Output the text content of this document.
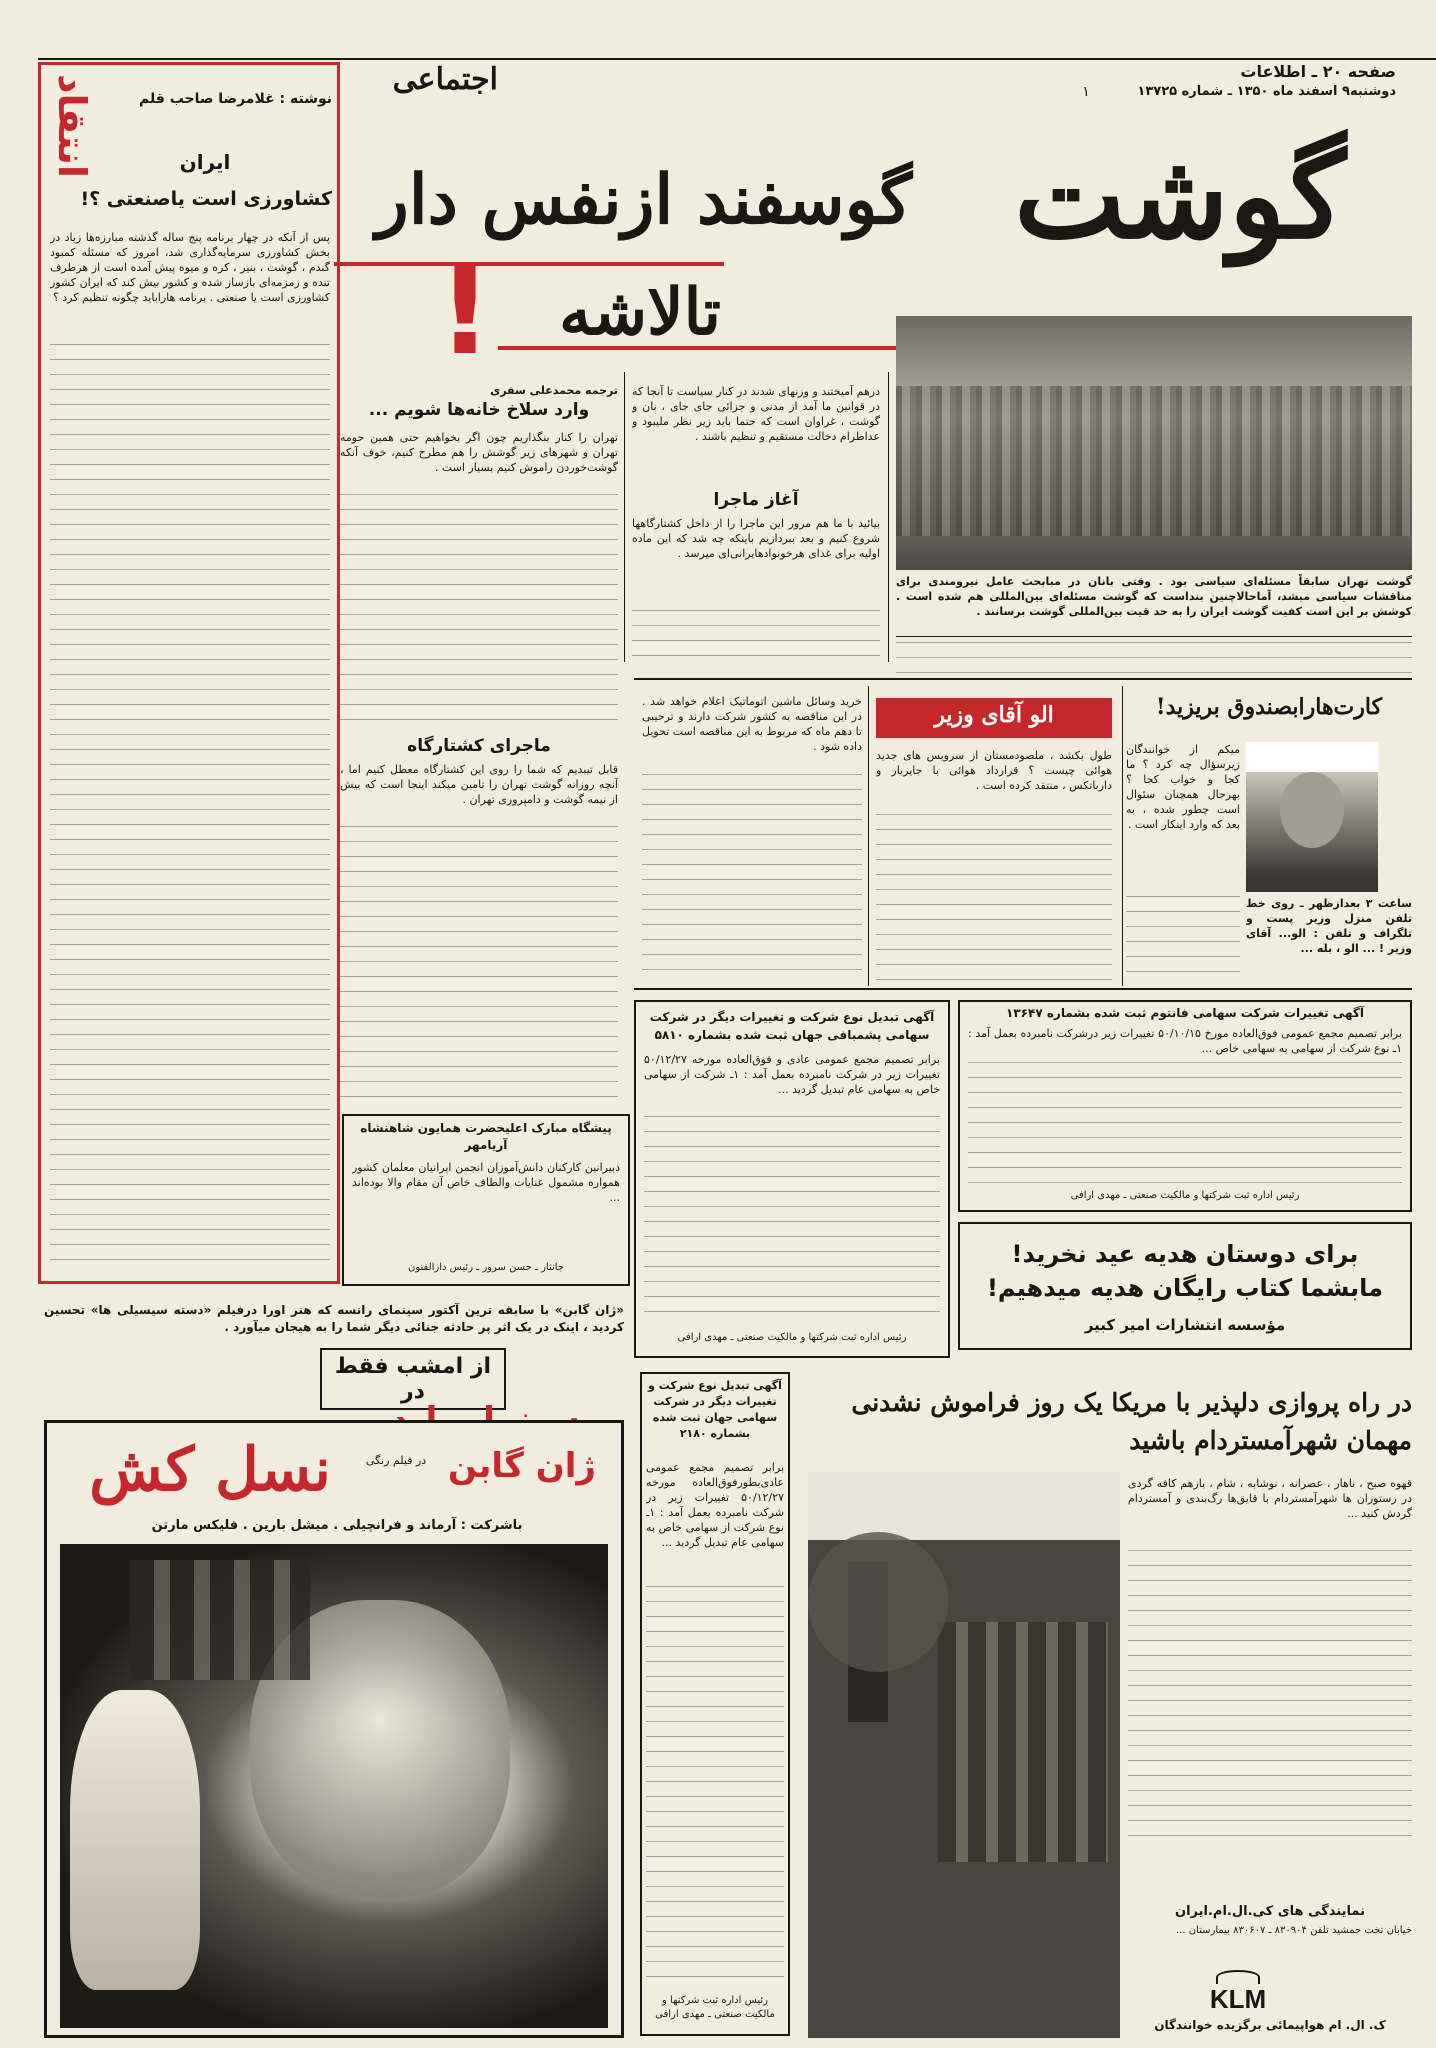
صفحه ۲۰ ـ اطلاعات
دوشنبه۹ اسفند ماه ۱۳۵۰ ـ شماره ۱۳۷۲۵
۱
اجتماعی
گوشت
گوسفند ازنفس دار
تالاشه
!
گوشت تهران سابقاً مسئله‌ای سیاسی بود . وقتی بانان در مبابحث عامل نیرومندی برای مناقشات سیاسی مبشد، آماحالاچنین بنداست که گوشت مسئله‌ای بین‌المللی هم شده است . کوشش بر این است کفیت گوشت ایران را به حد قیت بین‌المللی گوشت برسانند .
انتقاد	نوشته : غلامرضا صاحب قلم
ایران
کشاورزی است یاصنعتی ؟!
پس از آنکه در چهار برنامه پنج ساله گذشته مبارزه‌ها زیاد در بخش کشاورزی سرمایه‌گذاری شد، امروز که مسئله کمبود گندم ، گوشت ، بنیر ، کره و میوه پیش آمده است از هرطرف تنده و زمزمه‌ای بازساز شده و کشور بیش کند که ایران کشور کشاورزی است یا صنعتی . برنامه هاراباید چگونه تنظیم کرد ؟
درهم آمیختند و وزنهای شدند در کنار سیاست تا آنجا که در قوانین ما آمد از مدنی و جزائی جای جای ، نان و گوشت ، غراوان است که حتما باید زیر نظر ملیبود و عداطرام دخالت مستقیم و تنظیم‌ باشند .
آغاز ماجرا
بیائید با ما هم مرور این ماجرا را از داخل کشتارگاهها شروع کنیم و بعد ببردازیم باینکه چه شد که این ماده اولیه برای غذای هرخونوادهایرانی‌ای میرسد .
ترجمه محمدعلی سفری
وارد سلاخ خانه‌ها شویم ...
تهران را کنار بنگذاریم چون اگر بخواهیم حتی همین حومه تهران و شهرهای زیر گوشش را هم مطرح کنیم، خوف آنکه گوشت‌خوردن راموش کنیم بسیار است .
ماجرای کشتارگاه
قابل تیبدیم که شما را روی این کشتارگاه معطل کنیم اما ، آنچه روزانه گوشت تهران را تامین میکند اینجا است که بیش از نیمه گوشت و دامپروری تهران .
پیشگاه مبارک اعلیحضرت همایون شاهنشاه آریامهر
دبیرانین کارکنان دانش‌آموزان انجمن ایرانیان معلمان کشور همواره مشمول عنایات والطاف خاص آن مقام والا بوده‌اند ...
جانثار ـ حسن سرور ـ رئیس دارالفنون
کارت‌هارابصندوق بریزید!
میکم از خوانندگان زیرسؤال چه کرد ؟ ما کجا و خواب کجا ؟ بهرحال همچنان سئوال است چطور شده ، به بعد که وارد اینکار است .
ساعت ۳ بعدازظهر ـ روی خط تلفن منزل وزیر پست و تلگراف و تلفن : الو... آقای وزیر ! ... الو ، بله ...
الو آقای وزیر
طول بکشد ، ملصودمستان از سرویس های جدید هوائی چیست ؟ قرارداد هوائی با جایربار و دارباتکس ، منتقد کرده است .
خرید وسائل ماشین اتوماتیک اعلام خواهد شد . در این مناقصه به کشور شرکت دارند و ترحیبی تا دهم ماه که مربوط به این مناقصه است تحویل داده شود .
آگهی تبدیل نوع شرکت و تغییرات دیگر در شرکت سهامی پشمبافی جهان ثبت شده بشماره ۵۸۱۰
برابر تصمیم مجمع عمومی عادی و فوق‌العاده مورخه ۵۰/۱۲/۲۷ تغییرات زیر در شرکت نامبرده بعمل آمد : ۱ـ شرکت از سهامی خاص به سهامی عام تبدیل گردید ...
رئیس اداره ثبت شرکتها و مالکیت صنعتی ـ مهدی ارافی
آگهی تغییرات شرکت سهامی فانتوم ثبت شده بشماره ۱۳۶۴۷
برابر تصمیم مجمع عمومی فوق‌العاده مورخ ۵۰/۱۰/۱۵ تغییرات زیر درشرکت نامبرده بعمل آمد : ۱ـ نوع شرکت از سهامی به سهامی خاص ...
رئیس اداره ثبت شرکتها و مالکیت صنعتی ـ مهدی ارافی
برای دوستان هدیه عید نخرید!
مابشما کتاب رایگان هدیه میدهیم!
مؤسسه انتشارات امیر کبیر
«ژان گابن» با سابقه ترین آکتور سینمای رانسه که هنر اورا درفیلم «دسته سیسیلی ها» تحسین کردید ، اینک در یک اثر پر حادثه جنائی دیگر شما را به هیجان میآورد .
از امشب فقط در
ژان گابن
در فیلم رنگی
نسل کش
باشرکت : آرماند و فرانچیلی . میشل بارین . فلیکس مارتن
آگهی تبدیل نوع شرکت و تغییرات دیگر در شرکت سهامی جهان ثبت شده بشماره ۲۱۸۰
برابر تصمیم مجمع عمومی عادی‌بطورفوق‌العاده مورخه ۵۰/۱۲/۲۷ تغییرات زیر در شرکت نامبرده بعمل آمد : ۱ـ نوع شرکت از سهامی خاص به سهامی عام تبدیل گردید ...
رئیس اداره ثبت شرکتها و مالکیت صنعتی ـ مهدی ارافی
در راه پروازی دلپذیر با مریکا یک روز فراموش نشدنی مهمان شهرآمستردام باشید
قهوه صبح ، ناهار ، عصرانه ، نوشابه ، شام ، بازهم کافه گردی در رستوران ها شهرآمستردام با قایق‌ها رگ‌بندی و آمستردام گردش کنید ...
نمایندگی های کی.ال.ام.ایران
خیابان تخت جمشید تلفن ۸۳۰۹۰۴ ـ ۸۳۰۶۰۷ بیمارستان ...
KLM
ک. ال. ام هواپیمائی برگزیده خوانندگان
